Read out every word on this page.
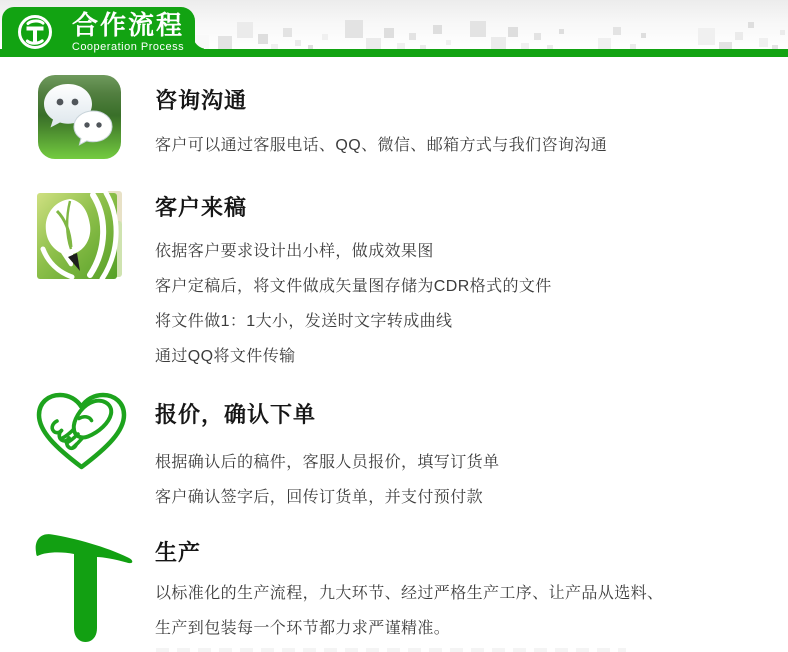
合作流程
Cooperation Process
咨询沟通
客户可以通过客服电话、QQ、微信、邮箱方式与我们咨询沟通
客户来稿
依据客户要求设计出小样，做成效果图
客户定稿后，将文件做成矢量图存储为CDR格式的文件
将文件做1：1大小，发送时文字转成曲线
通过QQ将文件传输
报价，确认下单
根据确认后的稿件，客服人员报价，填写订货单
客户确认签字后，回传订货单，并支付预付款
生产
以标准化的生产流程，九大环节、经过严格生产工序、让产品从选料、
生产到包装每一个环节都力求严谨精准。
